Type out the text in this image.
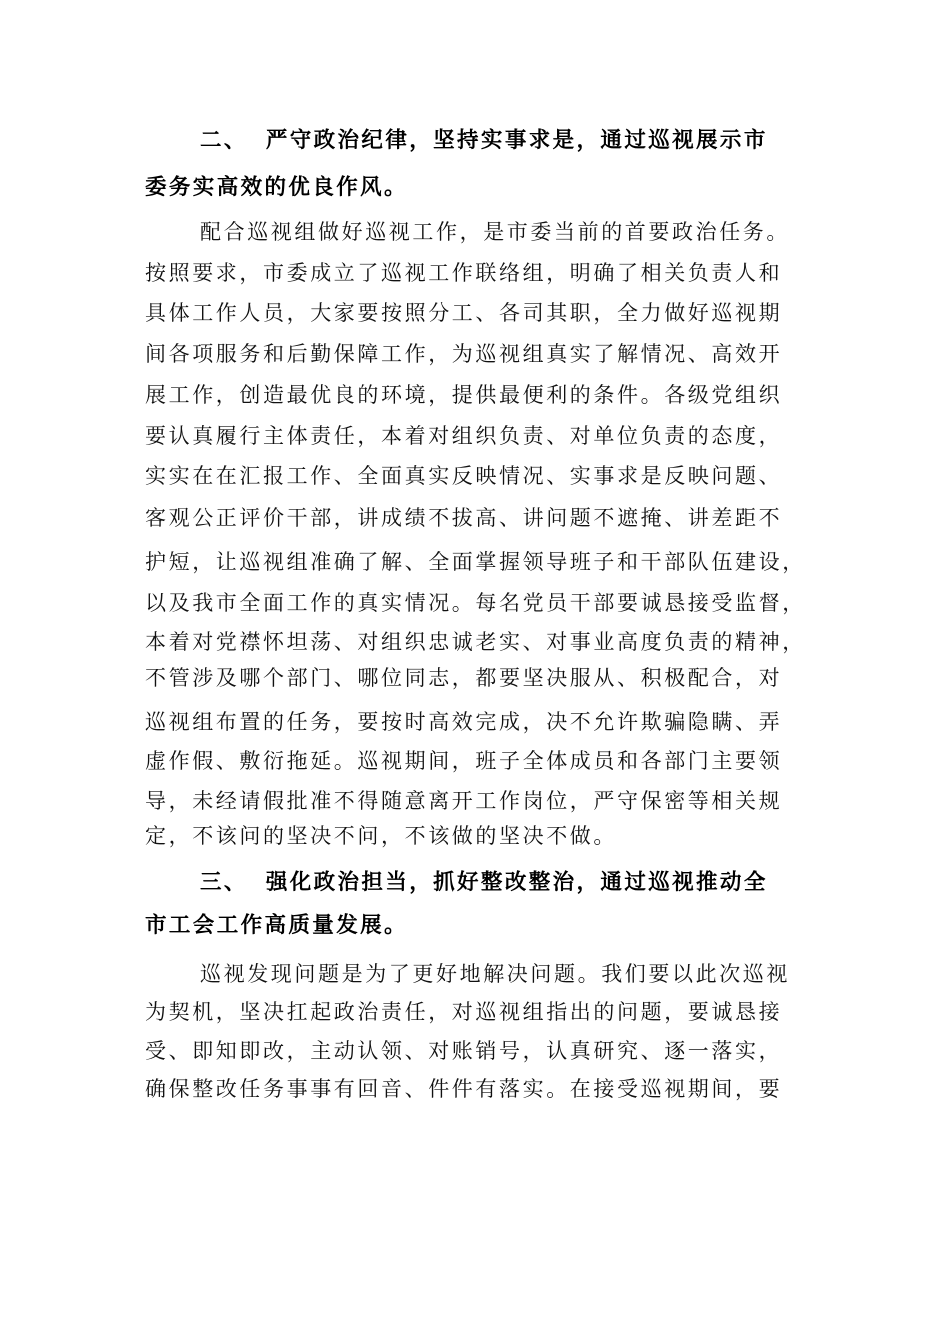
二、 严守政治纪律，坚持实事求是，通过巡视展示市
委务实高效的优良作风。
配合巡视组做好巡视工作，是市委当前的首要政治任务。
按照要求，市委成立了巡视工作联络组，明确了相关负责人和
具体工作人员，大家要按照分工、各司其职，全力做好巡视期
间各项服务和后勤保障工作，为巡视组真实了解情况、高效开
展工作，创造最优良的环境，提供最便利的条件。各级党组织
要认真履行主体责任，本着对组织负责、对单位负责的态度，
实实在在汇报工作、全面真实反映情况、实事求是反映问题、
客观公正评价干部，讲成绩不拔高、讲问题不遮掩、讲差距不
护短，让巡视组准确了解、全面掌握领导班子和干部队伍建设，
以及我市全面工作的真实情况。每名党员干部要诚恳接受监督，
本着对党襟怀坦荡、对组织忠诚老实、对事业高度负责的精神，
不管涉及哪个部门、哪位同志，都要坚决服从、积极配合，对
巡视组布置的任务，要按时高效完成，决不允许欺骗隐瞒、弄
虚作假、敷衍拖延。巡视期间，班子全体成员和各部门主要领
导，未经请假批准不得随意离开工作岗位，严守保密等相关规
定，不该问的坚决不问，不该做的坚决不做。
三、 强化政治担当，抓好整改整治，通过巡视推动全
市工会工作高质量发展。
巡视发现问题是为了更好地解决问题。我们要以此次巡视
为契机，坚决扛起政治责任，对巡视组指出的问题，要诚恳接
受、即知即改，主动认领、对账销号，认真研究、逐一落实，
确保整改任务事事有回音、件件有落实。在接受巡视期间，要
